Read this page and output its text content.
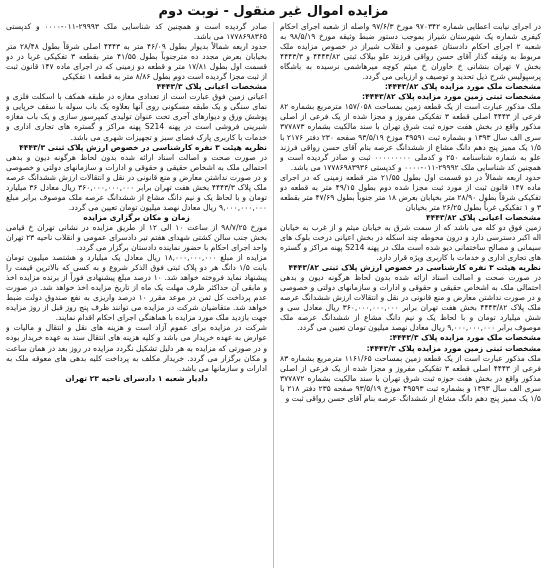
مزایده اموال غیر منقول - نوبت دوم

در اجرای نیابت اعطایی شماره ۹۷۰۳۴۲ مورخ ۹۷/۶/۳ واصله از شعبه اجرای احکام کیفری شماره یک شهرستان شیراز بموجب دستور ضبط وثیقه مورخ ۹۸/۵/۱۹ به شعبه ۲ اجرای احکام دادستان عمومی و انقلاب شیراز در خصوص مزایده ملک مربوط به وثیقه گذار آقای حسن رواقی فرزند علو بیلاک ثبتی ۴۴۴۳/۸۲ و ۴۴۴۳/۳ بخش ۷ تهران بنشانی خ خاوران خ میثم کوچه میرهاشمی نرسیده به باشگاه پرسپولیس شرح ذیل تحدید و توصیف و ارزیابی می گردد.

مشخصات ملک مورد مزایده پلاک ۴۴۴۳/۸۲:

مشخصات ثبتی زمین مورد مزایده پلاک ۴۴۴۳/۸۲:

ملک مذکور عبارت است از یک قطعه زمین بمساحت ۱۵۷/۰۵۸ مترمربع بشماره ۸۲ فرعی از ۴۴۴۳ اصلی قطعه ۳ تفکیکی مفروز و مجزا شده از یک فرعی از اصلی مذکور واقع در بخش هفت حوزه ثبت شرق تهران با سند مالکیت بشماره ۳۷۷۸۷۳ سری الف سال ۱۳۹۳ و بشماره ثبت ۴۹۵۹۱ موزخ ۹۳/۵/۱۹ صفحه ۲۳۰ دفتر ۲۱۷۶ با ۱/۵ یک ممیز پنج دهم دانگ مشاع از ششدانگ عرصه بنام آقای حسن رواقی فرزند علو به شماره شناسنامه ۲۵۰ و کدملی ۰۰۰۰۰۰۰۰۰ ثبت و صادر گردیده است و همچنین کد شناسایی ملک ۲۹۹۹۲-۰۱۱-۰۰۰۰ و کدپستی ۱۷۷۸۶۹۸۳۹۳۶ می باشد.

حدود اربعه شمالاً در دو قسمت اول بطول ۲۱/۵۵ متر قطعه زمینی که در اجرای ماده ۱۴۷ قانون ثبت از مورد ثبت مجزا شده دوم بطول ۴۹/۱۵ متر به قطعه دو تفکیکی شرقاً بطول ۲۸/۹۰ متر بخیابان بعرض ۱۸ متر جنوباً بطول ۴۷/۶۹ متر بقطعه ۳ و ۱ تفکیکی غرباً بطول ۲۶/۲۵ متر بخیابان

مشخصات اعیانی پلاک ۴۴۴۳/۸۲

زمین فوق دو کله می باشد که از سمت شرق به خیابان میثم و از غرب به خیابان اله اکبر دسترسی دارد و درون محوطه چند اسکله در بخش اعیانی درخت بلوک های سیمانی و مصالح ساختمانی دیو شده است ملک در پهنه S214 پهنه مراکز و گستره های تجاری اداری و خدمات با کاربری ویژه قرار دارد.

نظریه هیئت ۳ نفره کارشناسی در خصوص ارزش پلاک ثبتی ۴۴۴۳/۸۲

در صورت صحت و اصالت اسناد ارائه شده بدون لحاظ هرگونه دیون و بدهی احتمالی ملک به اشخاص حقیقی و حقوقی و ادارات و سازمانهای دولتی و خصوصی و در صورت نداشتن معارض و منع قانونی در نقل و انتقالات ارزش ششدانگ عرصه ملک پلاک ۴۴۴۳/۸۲ بخش هفت تهران برابر ۳۶۰,۰۰۰,۰۰۰,۰۰۰ ریال معادل سی و شش میلیارد تومان و با لحاظ یک و نیم دانگ مشاع از ششدانگ عرصه ملک موصوف برابر ۹,۰۰۰,۰۰۰,۰۰۰ ریال معادل نهصد میلیون تومان تعیین می گردد.

مشخصات ملک مورد مزایده پلاک ۴۴۴۳/۳:

مشخصات ثبتی زمین مورد مزایده پلاک ۴۴۴۳/۳:

ملک مذکور عبارت است از یک قطعه زمین بمساحت ۱۱۶۱/۶۵ مترمربع بشماره ۸۳ فرعی از ۴۴۴۳ اصلی قطعه ۳ تفکیکی مفروز و مجزا شده از یک فرعی از اصلی مذکور واقع در بخش هفت حوزه ثبت شرق تهران با سند مالکیت بشماره ۳۷۷۸۷۲ سری الف سال ۱۳۹۳ و بشماره ثبت ۴۹۵۹۳ موزخ ۹۳/۵/۱۹ صفحه ۲۳۵ دفتر ۲۱۸ با ۱/۵ یک ممیز پنج دهم دانگ مشاع از ششدانگ عرصه بنام آقای حسن رواقی ثبت و

صادر گردیده است و همچنین کد شناسایی ملک ۲۹۹۹۳-۰۱۱-۰۰۰۰ و کدپستی ۱۷۷۸۶۹۸۳۶۵ می باشد.

حدود اربعه شمالاً بدیوار بطول ۴۶/۰۹ متر به ۴۴۴۳ اصلی شرقاً بطول ۲۸/۴۸ متر بخیابان بعرض مجدد ده مترجنوباً بطول ۴۱/۵۵ متر بقطعه ۳ تفکیکی غربا در دو قسمت اول بطول ۱۷/۸۱ متر و قطعه دو زمینی که در اجرای ماده ۱۴۷ قانون ثبت از ثبت مجزا گردیده است دوم بطول ۸/۸۶ متر به قطعه ۱ تفکیکی

مشخصات اعیانی پلاک ۴۴۴۳/۳

اعیانی زمین فوق عبارت است از تعدادی مغازه در طبقه همکف با اسکلت فلزی و نمای سنگی و یک طبقه مسکونی روی آنها بعلاوه یک باب سوله با سقف خرپایی و پوشش ورق و دیوارهای آجری تحت عنوان تولیدی کمپرسور سازی و یک باب مغازه شیرینی فروشی است در پهنه S214 پهنه مراکز و گستره های تجاری اداری و خدمات با کاربری پارک فضای سبز و تجهیزات شهری می باشد.

نظریه هیئت ۳ نفره کارشناسی در خصوص ارزش پلاک ثبتی ۴۴۴۳/۳

در صورت صحت و اصالت اسناد ارائه شده بدون لحاظ هرگونه دیون و بدهی احتمالی ملک به اشخاص حقیقی و حقوقی و ادارات و سازمانهای دولتی و خصوصی و در صورت نداشتن معارض و منع قانونی در نقل و انتقالات ارزش ششدانگ عرصه ملک پلاک ۴۴۴۳/۳ بخش هفت تهران برابر ۳۶۰,۰۰۰,۰۰۰,۰۰۰ ریال معادل ۳۶ میلیارد تومان و با لحاظ یک و نیم دانگ مشاع از ششدانگ عرصه ملک موصوف برابر مبلغ ۹,۰۰۰,۰۰۰,۰۰۰ ریال معادل نهصد میلیون تومان تعیین می گردد.

زمان و مکان برگزاری مزایده

مورخ ۹۸/۷/۲۵ از ساعت ۱۰ الی ۱۲ از طریق مزایده در نشانی تهران خ قیامی بخش جنب سالن کشتی شهدای هفتم تیر دادسرای عمومی و انقلاب ناحیه ۲۳ تهران واحد اجرای احکام با حضور نماینده دادستان برگزار می گردد.

مزایده از مبلغ ۱۸,۰۰۰,۰۰۰,۰۰۰ ریال معادل یک میلیارد و هشتصد میلیون تومان بابت ۱/۵ دانگ هر دو پلاک ثبتی فوق الذکر شروع و به کسی که بالاترین قیمت را پیشنهاد نماید فروخته خواهد شد. ۱۰ درصد مبلغ پیشنهادی فوراً از برنده مزایده اخذ و مابقی آن حداکثر ظرف مهلت یک ماه از تاریخ مزایده اخذ خواهد شد. در صورت عدم پرداخت کل ثمن در موعد مقرر ۱۰ درصد واریزی به نفع صندوق دولت ضبط خواهد شد. متقاضیان شرکت در مزایده می توانند ظرف پنج روز قبل از روز مزایده جهت بازدید ملک مورد مزایده با هماهنگی اجرای احکام اقدام نمایند.

شرکت در مزایده برای عموم آزاد است و هزینه های نقل و انتقال و مالیات و عوارض به عهده خریدار می باشد و کلیه هزینه های انتقال سند به عهده خریدار بوده و در صورتی که مزایده به هر دلیل تشکیل نگردد مزایده در روز بعد در همان ساعت و مکان برگزار می گردد. خریدار مکلف به پرداخت کلیه بدهی های معوقه ملک به ادارات و سازمانها می باشد.

دادیار شعبه ۱ دادسرای ناحیه ۲۳ تهران
